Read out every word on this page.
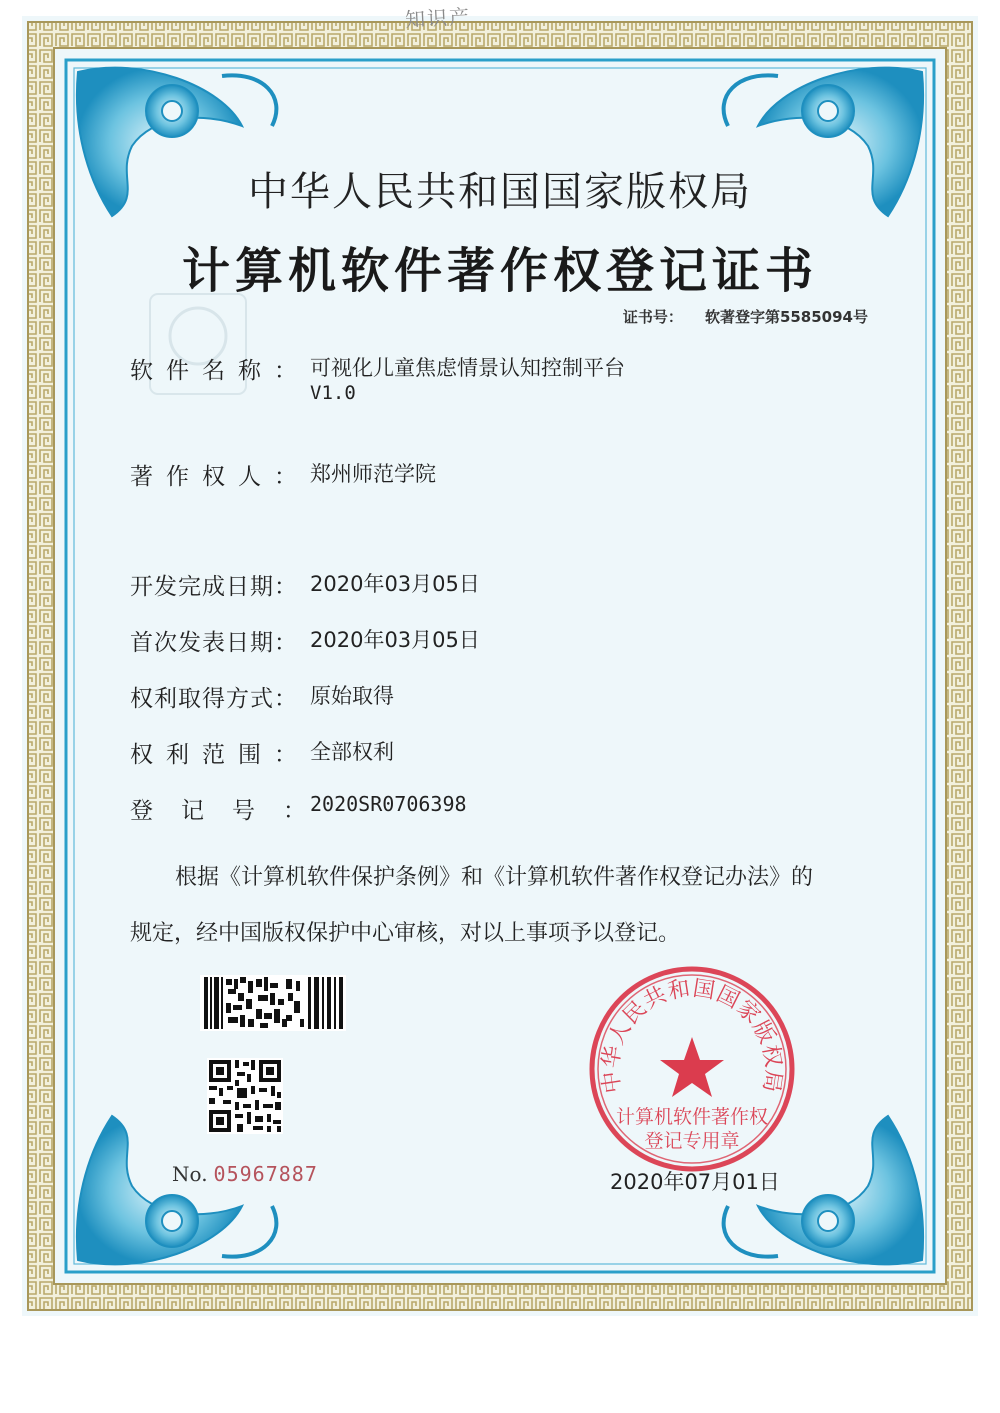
知识产
中华人民共和国国家版权局
计算机软件著作权登记证书
证书号： 软著登字第5585094号
软件名称：可视化儿童焦虑情景认知控制平台
V1.0
著作权人：郑州师范学院
开发完成日期： 2020年03月05日
首次发表日期： 2020年03月05日
权利取得方式： 原始取得
权利范围：全部权利
登记号：2020SR0706398
根据《计算机软件保护条例》和《计算机软件著作权登记办法》的
规定，经中国版权保护中心审核，对以上事项予以登记。
No. 05967887
中华人民共和国国家版权局
计算机软件著作权
登记专用章
2020年07月01日
